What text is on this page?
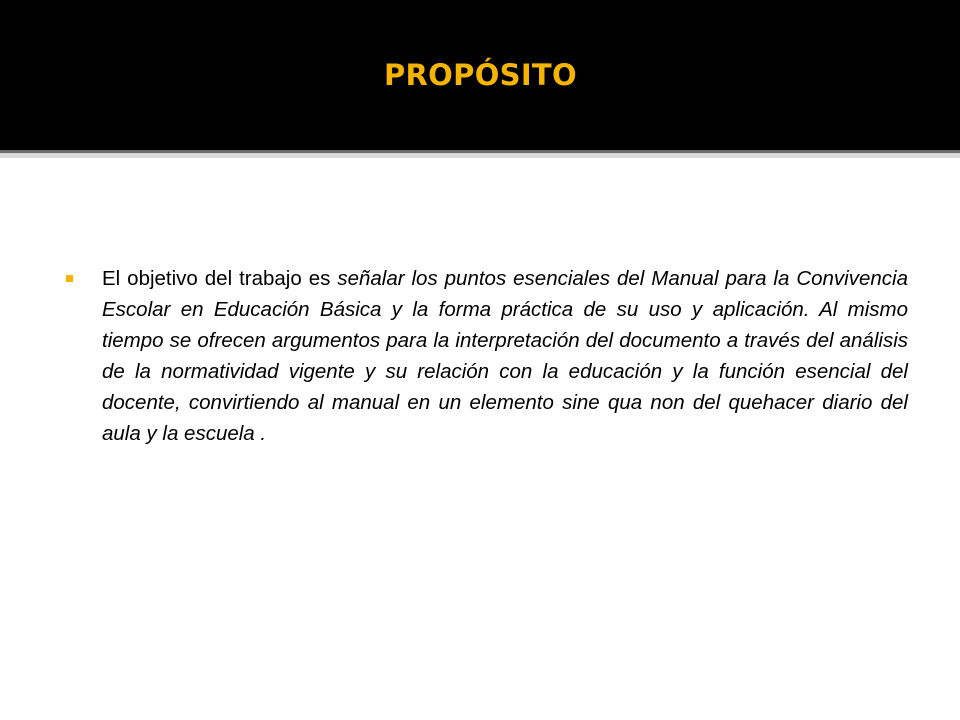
PROPÓSITO

El objetivo del trabajo es señalar los puntos esenciales del Manual para la Convivencia Escolar en Educación Básica y la forma práctica de su uso y aplicación. Al mismo tiempo se ofrecen argumentos para la interpretación del documento a través del análisis de la normatividad vigente y su relación con la educación y la función esencial del docente, convirtiendo al manual en un elemento sine qua non del quehacer diario del aula y la escuela .
